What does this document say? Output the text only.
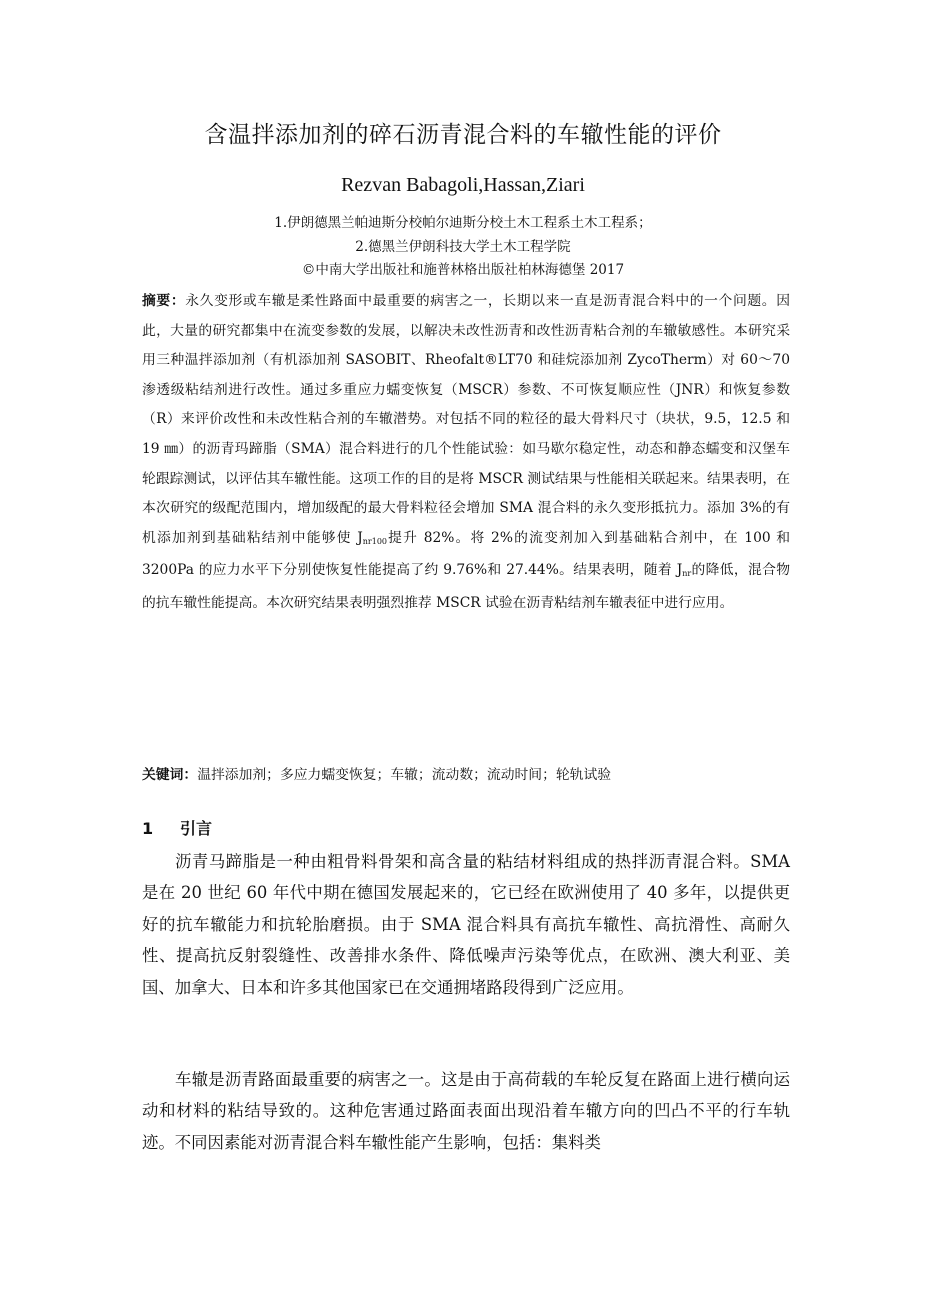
含温拌添加剂的碎石沥青混合料的车辙性能的评价
Rezvan Babagoli,Hassan,Ziari
1.伊朗德黑兰帕迪斯分校帕尔迪斯分校土木工程系土木工程系；
2.德黑兰伊朗科技大学土木工程学院
©中南大学出版社和施普林格出版社柏林海德堡 2017

摘要：永久变形或车辙是柔性路面中最重要的病害之一，长期以来一直是沥青混合料中的一个问题。因此，大量的研究都集中在流变参数的发展，以解决未改性沥青和改性沥青粘合剂的车辙敏感性。本研究采用三种温拌添加剂（有机添加剂 SASOBIT、Rheofalt®LT70 和硅烷添加剂 ZycoTherm）对 60～70 渗透级粘结剂进行改性。通过多重应力蠕变恢复（MSCR）参数、不可恢复顺应性（JNR）和恢复参数（R）来评价改性和未改性粘合剂的车辙潜势。对包括不同的粒径的最大骨料尺寸（块状，9.5，12.5 和 19 ㎜）的沥青玛蹄脂（SMA）混合料进行的几个性能试验：如马歇尔稳定性，动态和静态蠕变和汉堡车轮跟踪测试，以评估其车辙性能。这项工作的目的是将 MSCR 测试结果与性能相关联起来。结果表明，在本次研究的级配范围内，增加级配的最大骨料粒径会增加 SMA 混合料的永久变形抵抗力。添加 3%的有机添加剂到基础粘结剂中能够使 $J_{nr100}$提升 82%。将 2%的流变剂加入到基础粘合剂中，在 100 和 3200Pa 的应力水平下分别使恢复性能提高了约 9.76%和 27.44%。结果表明，随着 $J_{nr}$的降低，混合物的抗车辙性能提高。本次研究结果表明强烈推荐 MSCR 试验在沥青粘结剂车辙表征中进行应用。

关键词：温拌添加剂；多应力蠕变恢复；车辙；流动数；流动时间；轮轨试验
1 引言

沥青马蹄脂是一种由粗骨料骨架和高含量的粘结材料组成的热拌沥青混合料。SMA 是在 20 世纪 60 年代中期在德国发展起来的，它已经在欧洲使用了 40 多年，以提供更好的抗车辙能力和抗轮胎磨损。由于 SMA 混合料具有高抗车辙性、高抗滑性、高耐久性、提高抗反射裂缝性、改善排水条件、降低噪声污染等优点，在欧洲、澳大利亚、美国、加拿大、日本和许多其他国家已在交通拥堵路段得到广泛应用。

车辙是沥青路面最重要的病害之一。这是由于高荷载的车轮反复在路面上进行横向运动和材料的粘结导致的。这种危害通过路面表面出现沿着车辙方向的凹凸不平的行车轨迹。不同因素能对沥青混合料车辙性能产生影响，包括：集料类
